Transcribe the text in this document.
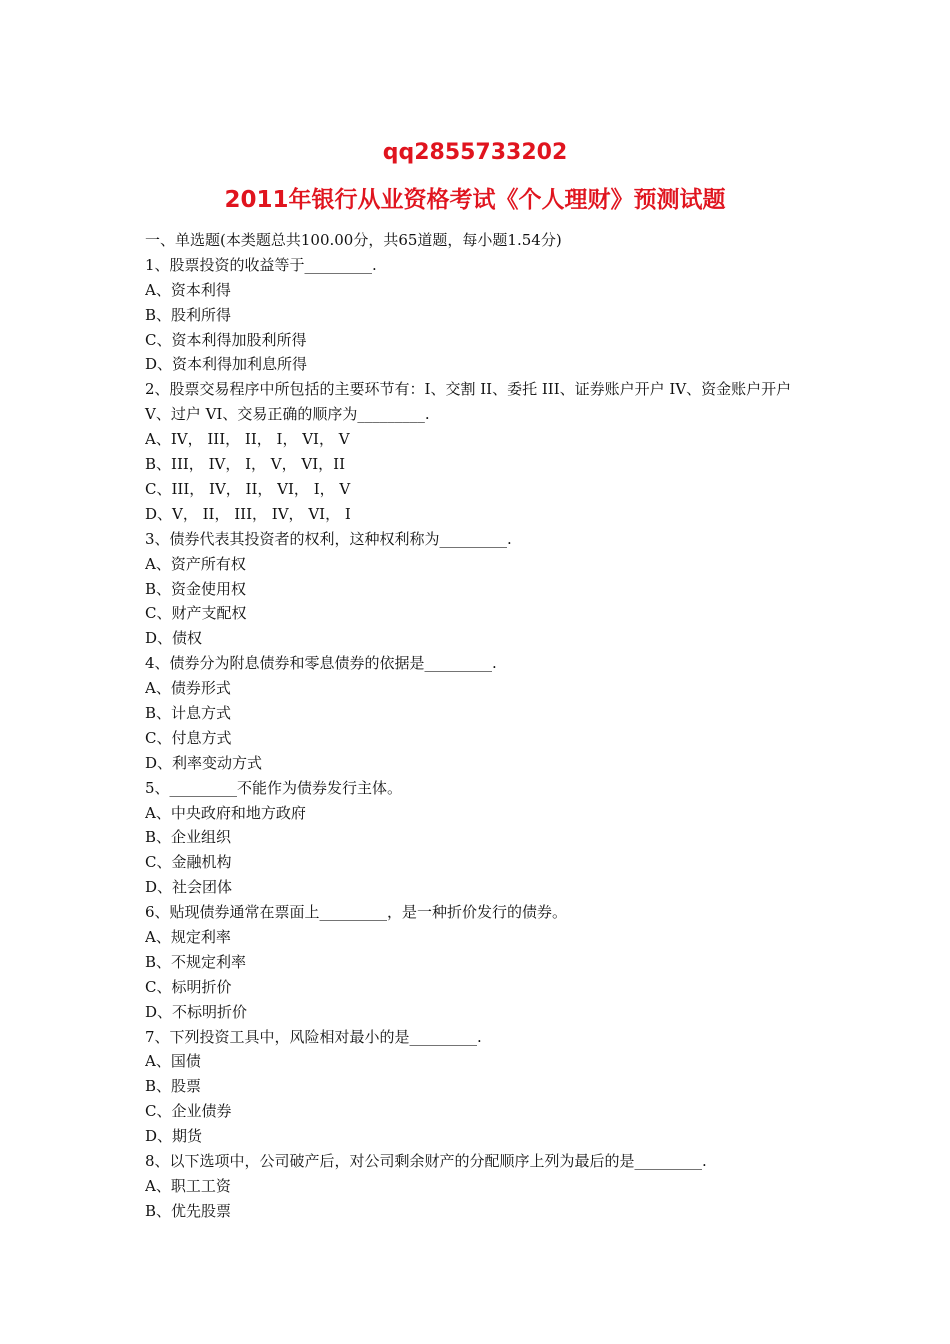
qq2855733202
2011年银行从业资格考试《个人理财》预测试题
一、单选题(本类题总共100.00分，共65道题，每小题1.54分)
1、股票投资的收益等于_________.
A、资本利得
B、股利所得
C、资本利得加股利所得
D、资本利得加利息所得
2、股票交易程序中所包括的主要环节有：I、交割 II、委托 III、证券账户开户 IV、资金账户开户 V、过户 VI、交易正确的顺序为_________.
A、IV， III， II， I， VI， V
B、III， IV， I， V， VI，II
C、III， IV， II， VI， I， V
D、V， II， III， IV， VI， I
3、债券代表其投资者的权利，这种权利称为_________.
A、资产所有权
B、资金使用权
C、财产支配权
D、债权
4、债券分为附息债券和零息债券的依据是_________.
A、债券形式
B、计息方式
C、付息方式
D、利率变动方式
5、_________不能作为债券发行主体。
A、中央政府和地方政府
B、企业组织
C、金融机构
D、社会团体
6、贴现债券通常在票面上_________，是一种折价发行的债券。
A、规定利率
B、不规定利率
C、标明折价
D、不标明折价
7、下列投资工具中，风险相对最小的是_________.
A、国债
B、股票
C、企业债券
D、期货
8、以下选项中，公司破产后，对公司剩余财产的分配顺序上列为最后的是_________.
A、职工工资
B、优先股票
